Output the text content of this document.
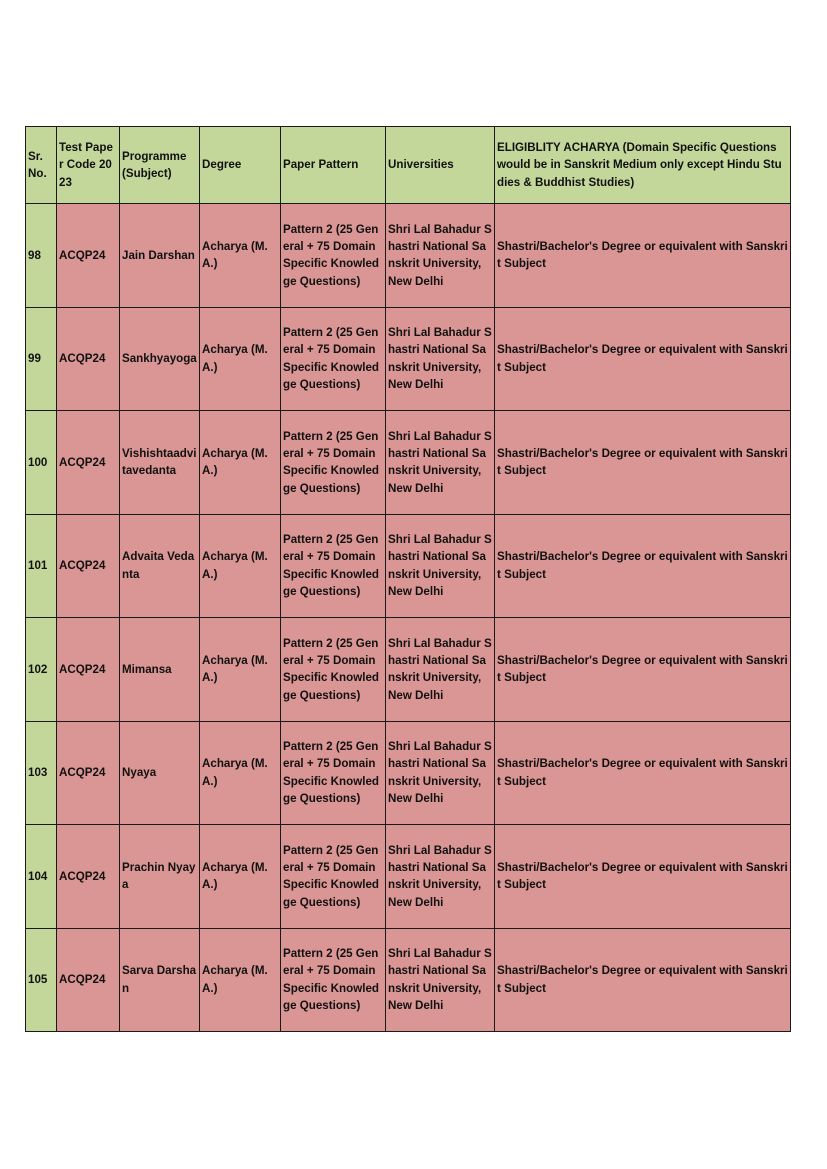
Sr. No.	Test Paper Code 2023	Programme (Subject)	Degree	Paper Pattern	Universities	ELIGIBLITY ACHARYA (Domain Specific Questions would be in Sanskrit Medium only except Hindu Studies & Buddhist Studies)
98	ACQP24	Jain Darshan	Acharya (M.A.)	Pattern 2 (25 General + 75 Domain Specific Knowledge Questions)	Shri Lal Bahadur Shastri National Sanskrit University, New Delhi	Shastri/Bachelor's Degree or equivalent with Sanskrit Subject
99	ACQP24	Sankhyayoga	Acharya (M.A.)	Pattern 2 (25 General + 75 Domain Specific Knowledge Questions)	Shri Lal Bahadur Shastri National Sanskrit University, New Delhi	Shastri/Bachelor's Degree or equivalent with Sanskrit Subject
100	ACQP24	Vishishtaadvitavedanta	Acharya (M.A.)	Pattern 2 (25 General + 75 Domain Specific Knowledge Questions)	Shri Lal Bahadur Shastri National Sanskrit University, New Delhi	Shastri/Bachelor's Degree or equivalent with Sanskrit Subject
101	ACQP24	Advaita Vedanta	Acharya (M.A.)	Pattern 2 (25 General + 75 Domain Specific Knowledge Questions)	Shri Lal Bahadur Shastri National Sanskrit University, New Delhi	Shastri/Bachelor's Degree or equivalent with Sanskrit Subject
102	ACQP24	Mimansa	Acharya (M.A.)	Pattern 2 (25 General + 75 Domain Specific Knowledge Questions)	Shri Lal Bahadur Shastri National Sanskrit University, New Delhi	Shastri/Bachelor's Degree or equivalent with Sanskrit Subject
103	ACQP24	Nyaya	Acharya (M.A.)	Pattern 2 (25 General + 75 Domain Specific Knowledge Questions)	Shri Lal Bahadur Shastri National Sanskrit University, New Delhi	Shastri/Bachelor's Degree or equivalent with Sanskrit Subject
104	ACQP24	Prachin Nyaya	Acharya (M.A.)	Pattern 2 (25 General + 75 Domain Specific Knowledge Questions)	Shri Lal Bahadur Shastri National Sanskrit University, New Delhi	Shastri/Bachelor's Degree or equivalent with Sanskrit Subject
105	ACQP24	Sarva Darshan	Acharya (M.A.)	Pattern 2 (25 General + 75 Domain Specific Knowledge Questions)	Shri Lal Bahadur Shastri National Sanskrit University, New Delhi	Shastri/Bachelor's Degree or equivalent with Sanskrit Subject
